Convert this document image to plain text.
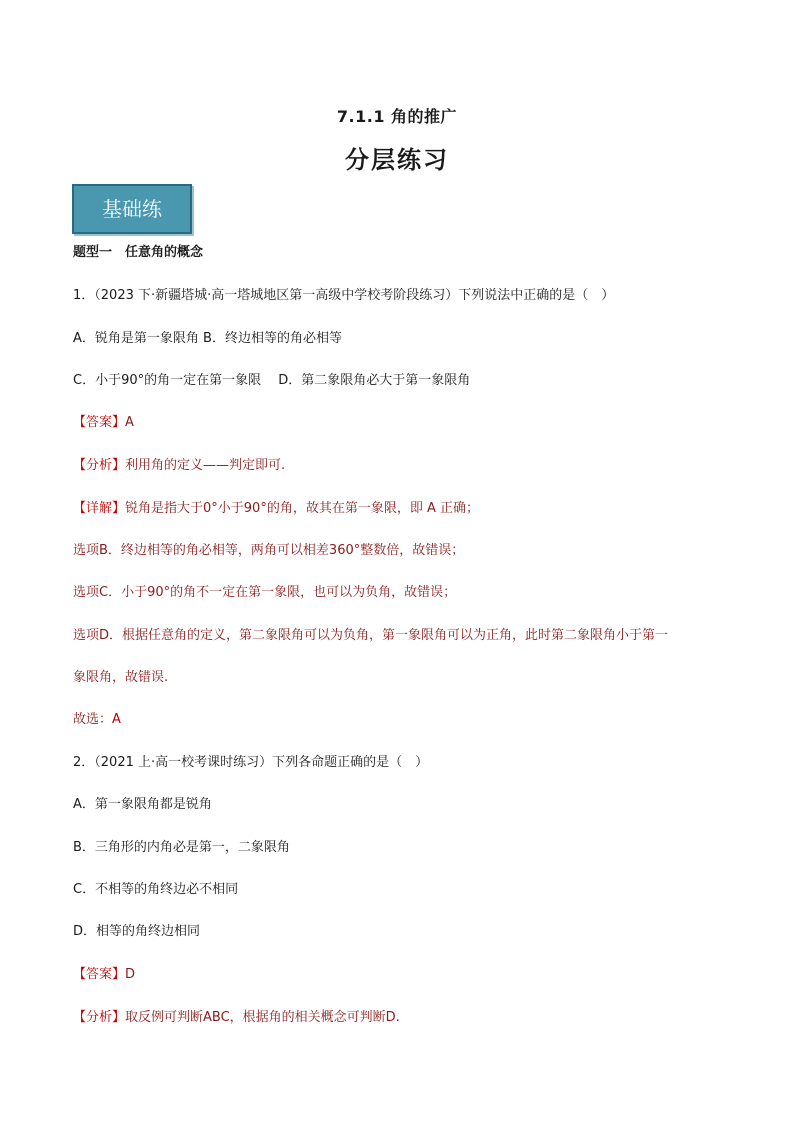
7.1.1 角的推广
分层练习
基础练
题型一　任意角的概念
1．（2023 下·新疆塔城·高一塔城地区第一高级中学校考阶段练习）下列说法中正确的是（　）
A．锐角是第一象限角 B．终边相等的角必相等
C．小于90°的角一定在第一象限　 D．第二象限角必大于第一象限角
【答案】A
【分析】利用角的定义——判定即可.
【详解】锐角是指大于0°小于90°的角，故其在第一象限，即 A 正确；
选项B．终边相等的角必相等，两角可以相差360°整数倍，故错误；
选项C．小于90°的角不一定在第一象限，也可以为负角，故错误；
选项D．根据任意角的定义，第二象限角可以为负角，第一象限角可以为正角，此时第二象限角小于第一
象限角，故错误.
故选：A
2．（2021 上·高一校考课时练习）下列各命题正确的是（　）
A．第一象限角都是锐角
B．三角形的内角必是第一，二象限角
C．不相等的角终边必不相同
D．相等的角终边相同
【答案】D
【分析】取反例可判断ABC，根据角的相关概念可判断D.
